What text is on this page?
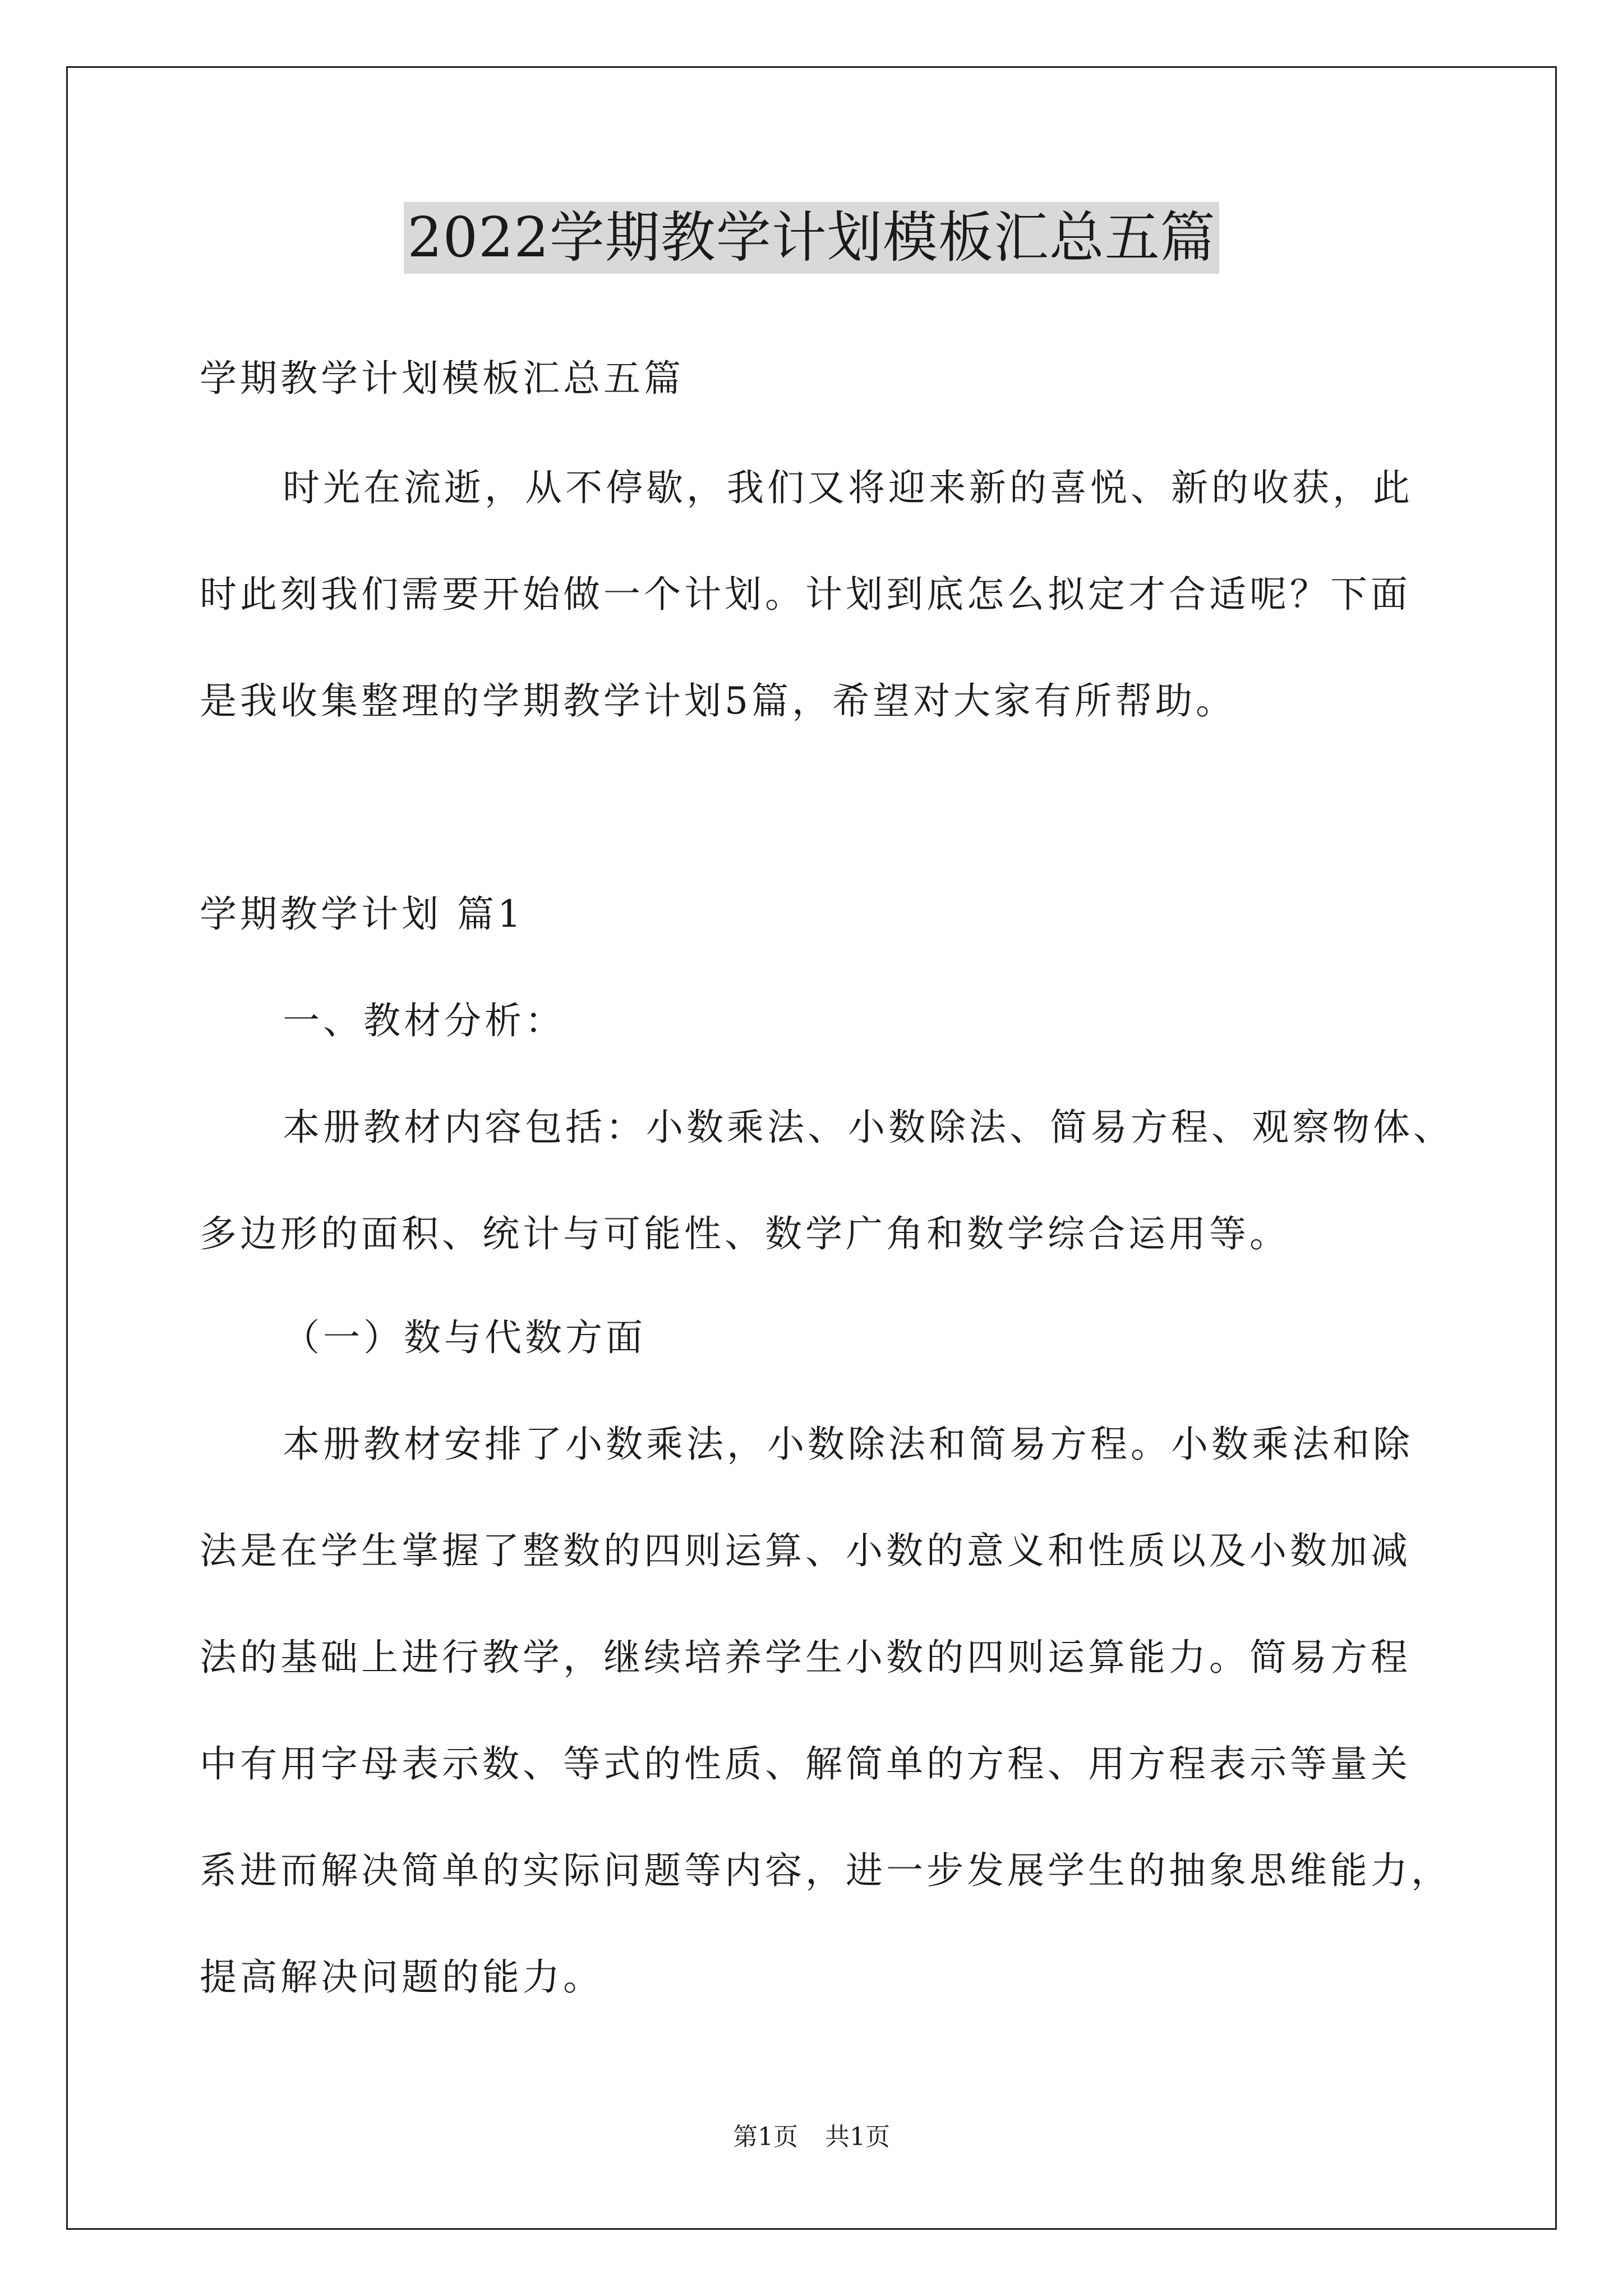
2022学期教学计划模板汇总五篇
学期教学计划模板汇总五篇
时光在流逝，从不停歇，我们又将迎来新的喜悦、新的收获，此
时此刻我们需要开始做一个计划。计划到底怎么拟定才合适呢？下面
是我收集整理的学期教学计划5篇，希望对大家有所帮助。
学期教学计划 篇1
一、教材分析：
本册教材内容包括：小数乘法、小数除法、简易方程、观察物体、
多边形的面积、统计与可能性、数学广角和数学综合运用等。
（一）数与代数方面
本册教材安排了小数乘法，小数除法和简易方程。小数乘法和除
法是在学生掌握了整数的四则运算、小数的意义和性质以及小数加减
法的基础上进行教学，继续培养学生小数的四则运算能力。简易方程
中有用字母表示数、等式的性质、解简单的方程、用方程表示等量关
系进而解决简单的实际问题等内容，进一步发展学生的抽象思维能力，
提高解决问题的能力。
第1页 共1页
